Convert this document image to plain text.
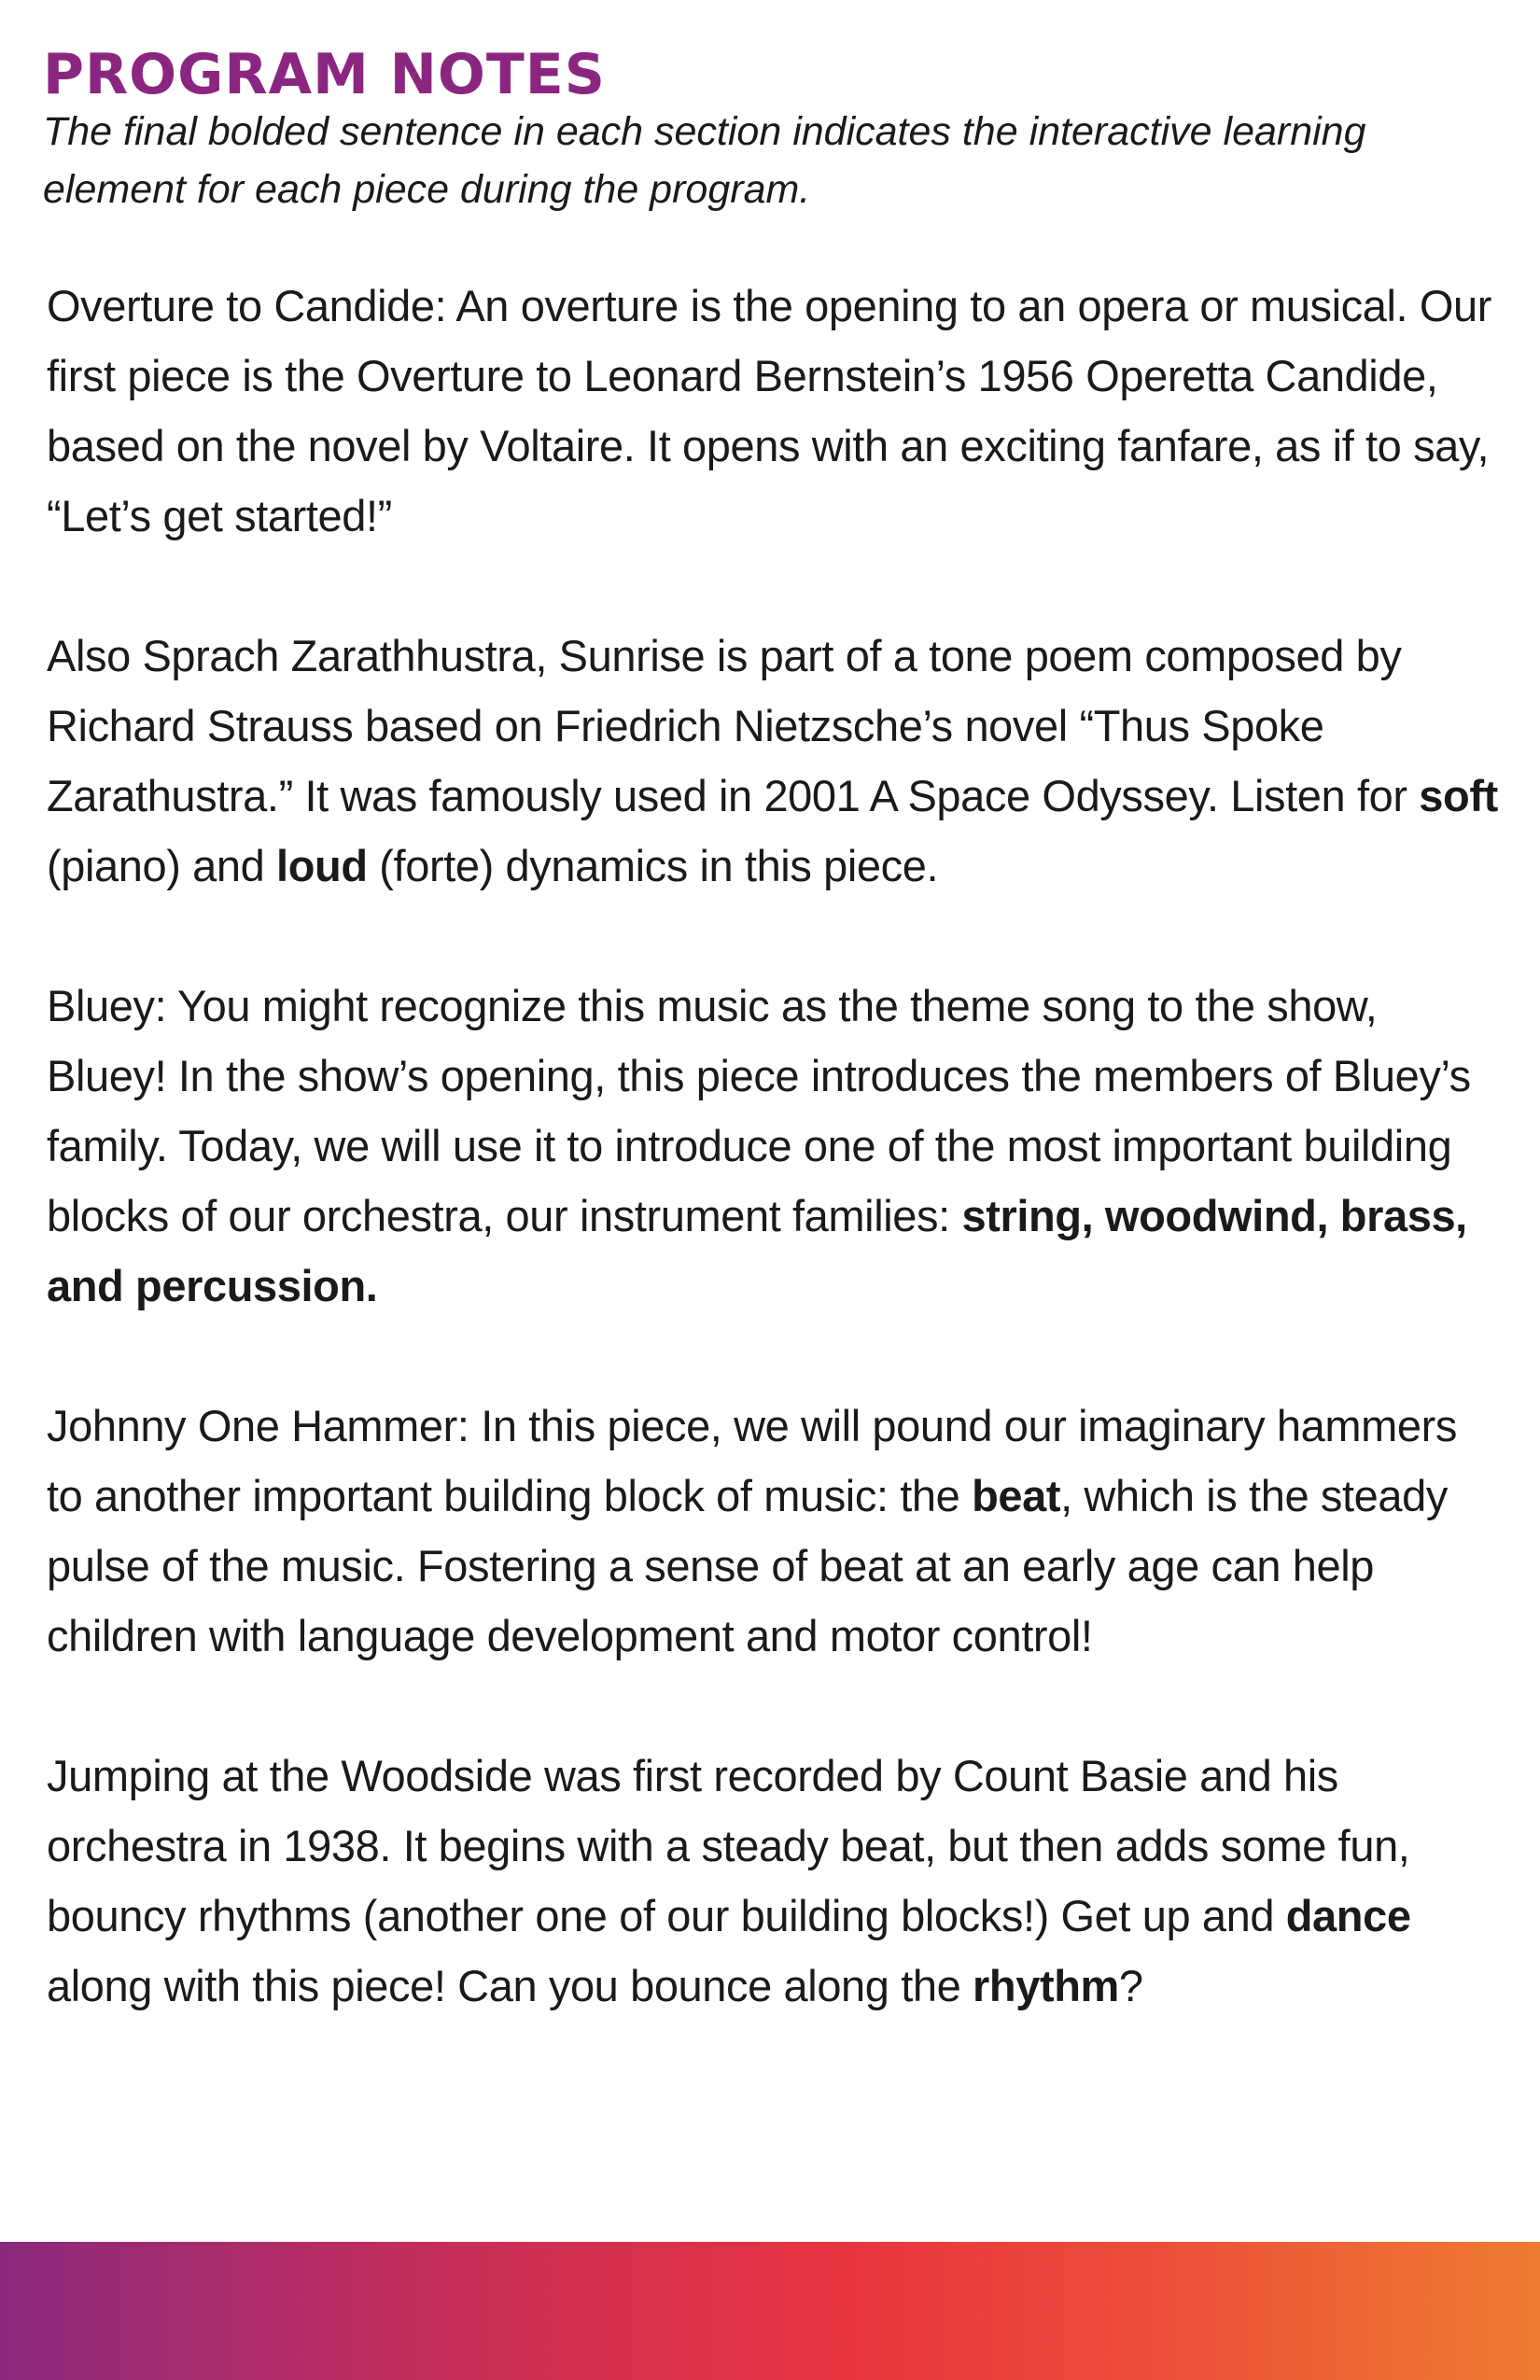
PROGRAM NOTES

The final bolded sentence in each section indicates the interactive learning element for each piece during the program.

Overture to Candide: An overture is the opening to an opera or musical. Our first piece is the Overture to Leonard Bernstein’s 1956 Operetta Candide, based on the novel by Voltaire. It opens with an exciting fanfare, as if to say, “Let’s get started!”

Also Sprach Zarathhustra, Sunrise is part of a tone poem composed by Richard Strauss based on Friedrich Nietzsche’s novel “Thus Spoke Zarathustra.” It was famously used in 2001 A Space Odyssey. Listen for soft (piano) and loud (forte) dynamics in this piece.

Bluey: You might recognize this music as the theme song to the show, Bluey! In the show’s opening, this piece introduces the members of Bluey’s family. Today, we will use it to introduce one of the most important building blocks of our orchestra, our instrument families: string, woodwind, brass, and percussion.

Johnny One Hammer: In this piece, we will pound our imaginary hammers to another important building block of music: the beat, which is the steady pulse of the music. Fostering a sense of beat at an early age can help children with language development and motor control!

Jumping at the Woodside was first recorded by Count Basie and his orchestra in 1938. It begins with a steady beat, but then adds some fun, bouncy rhythms (another one of our building blocks!) Get up and dance along with this piece! Can you bounce along the rhythm?
